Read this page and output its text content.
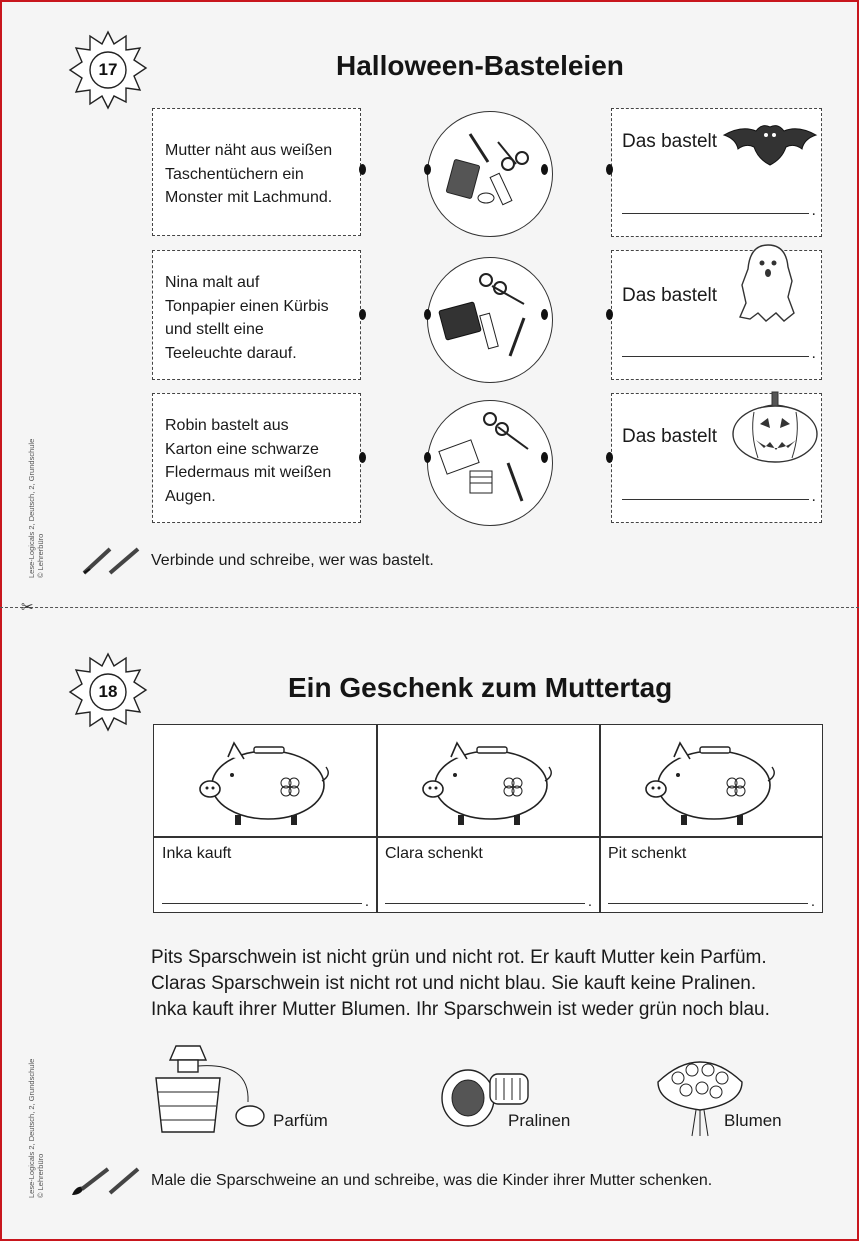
17	Halloween-Basteleien
Mutter näht aus weißen
Taschentüchern ein
Monster mit Lachmund.
Das bastelt
.
Nina malt auf
Tonpapier einen Kürbis
und stellt eine
Teeleuchte darauf.
Das bastelt
.
Robin bastelt aus
Karton eine schwarze
Fledermaus mit weißen
Augen.
Das bastelt
.
Verbinde und schreibe, wer was bastelt.
Lese-Logicals 2, Deutsch, 2, Grundschule © Lehrerbüro
✂
18	Ein Geschenk zum Muttertag
Inka kauft
.	Clara schenkt
.	Pit schenkt
.
Pits Sparschwein ist nicht grün und nicht rot. Er kauft Mutter kein Parfüm.
Claras Sparschwein ist nicht rot und nicht blau. Sie kauft keine Pralinen.
Inka kauft ihrer Mutter Blumen. Ihr Sparschwein ist weder grün noch blau.
Parfüm	Pralinen	Blumen
Male die Sparschweine an und schreibe, was die Kinder ihrer Mutter schenken.
Lese-Logicals 2, Deutsch, 2, Grundschule © Lehrerbüro
